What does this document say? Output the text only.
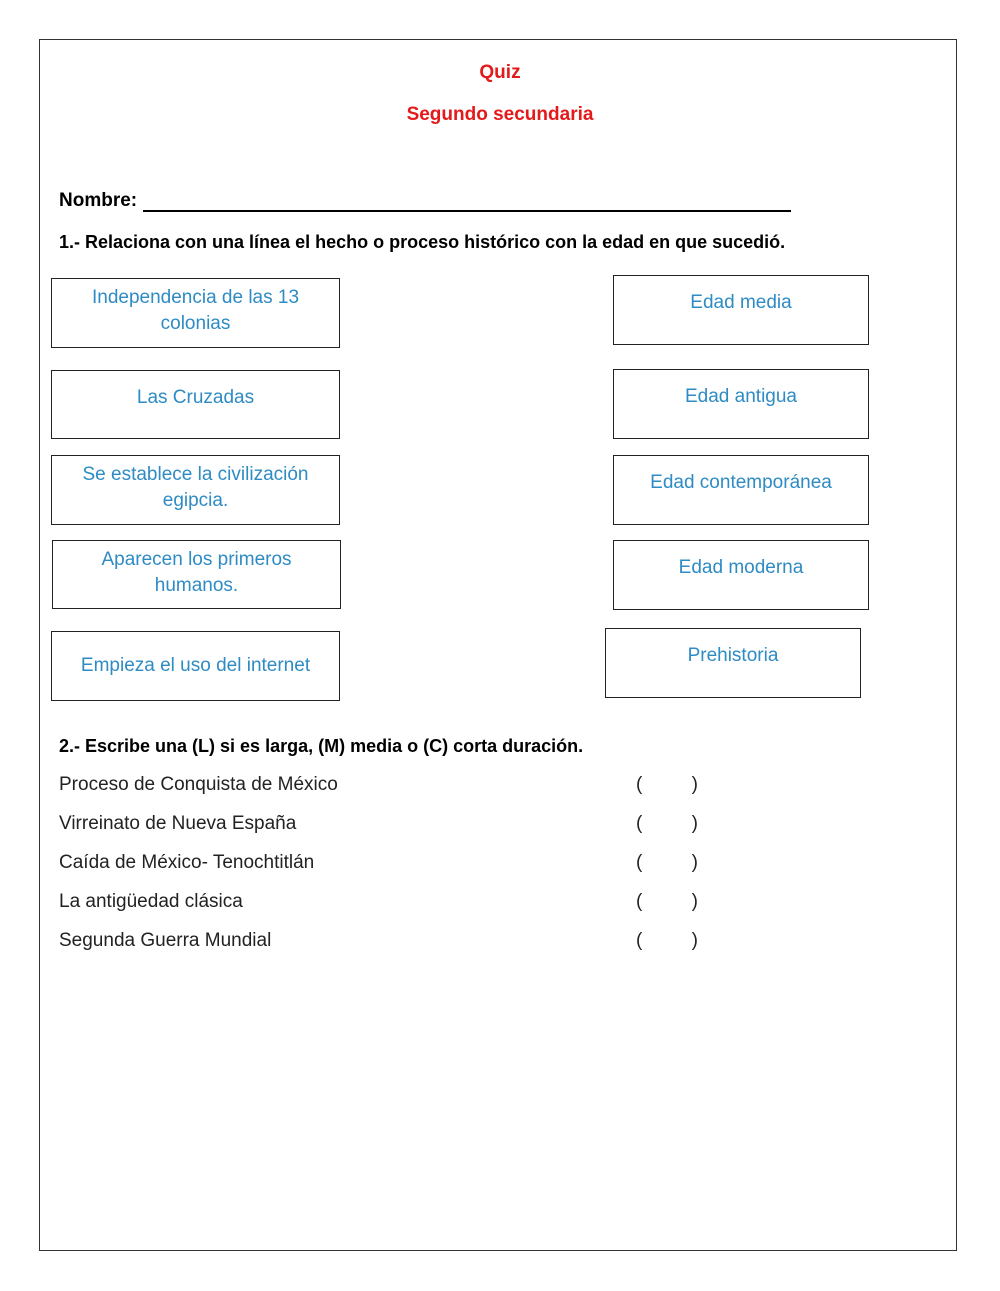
Quiz
Segundo secundaria
Nombre:
1.- Relaciona con una línea el hecho o proceso histórico con la edad en que sucedió.
Independencia de las 13 colonias
Las Cruzadas
Se establece la civilización egipcia.
Aparecen los primeros humanos.
Empieza el uso del internet
Edad media
Edad antigua
Edad contemporánea
Edad moderna
Prehistoria
2.- Escribe una (L) si es larga, (M) media o (C) corta duración.
Proceso de Conquista de México	(	)
Virreinato de Nueva España	(	)
Caída de México- Tenochtitlán	(	)
La antigüedad clásica	(	)
Segunda Guerra Mundial	(	)
